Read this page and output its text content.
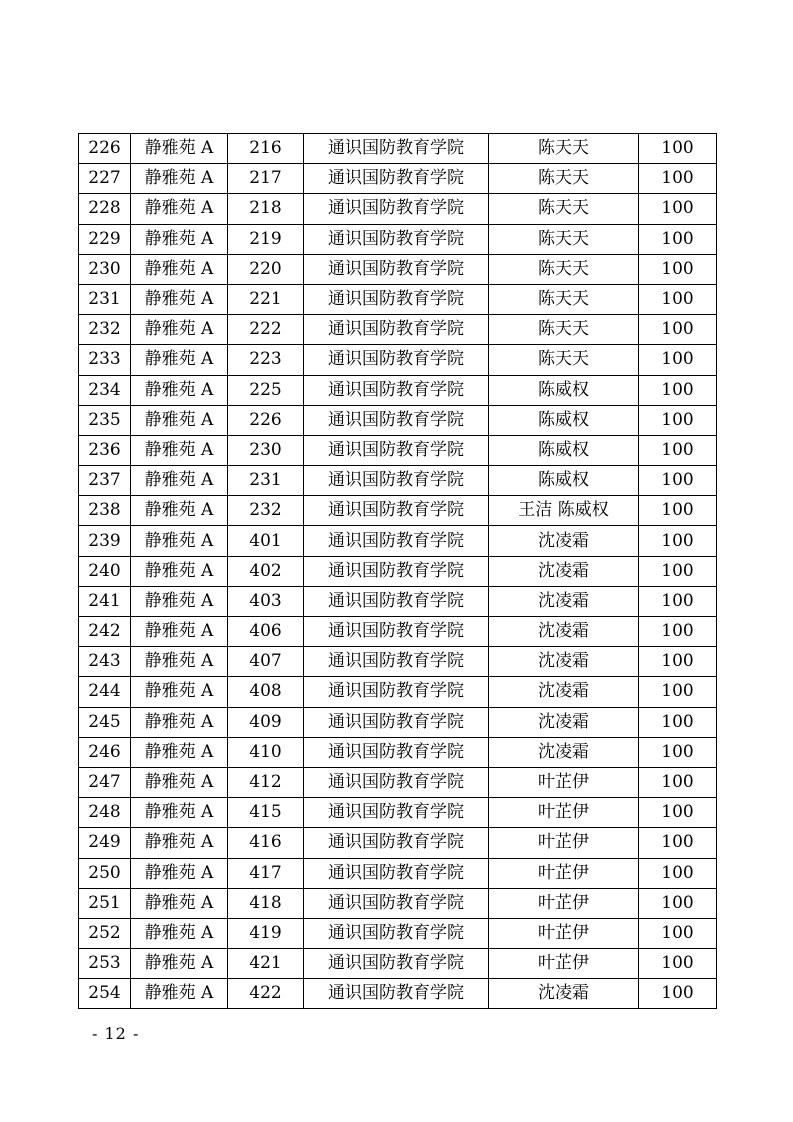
226	静雅苑 A	216	通识国防教育学院	陈天天	100
227	静雅苑 A	217	通识国防教育学院	陈天天	100
228	静雅苑 A	218	通识国防教育学院	陈天天	100
229	静雅苑 A	219	通识国防教育学院	陈天天	100
230	静雅苑 A	220	通识国防教育学院	陈天天	100
231	静雅苑 A	221	通识国防教育学院	陈天天	100
232	静雅苑 A	222	通识国防教育学院	陈天天	100
233	静雅苑 A	223	通识国防教育学院	陈天天	100
234	静雅苑 A	225	通识国防教育学院	陈威权	100
235	静雅苑 A	226	通识国防教育学院	陈威权	100
236	静雅苑 A	230	通识国防教育学院	陈威权	100
237	静雅苑 A	231	通识国防教育学院	陈威权	100
238	静雅苑 A	232	通识国防教育学院	王洁 陈威权	100
239	静雅苑 A	401	通识国防教育学院	沈凌霜	100
240	静雅苑 A	402	通识国防教育学院	沈凌霜	100
241	静雅苑 A	403	通识国防教育学院	沈凌霜	100
242	静雅苑 A	406	通识国防教育学院	沈凌霜	100
243	静雅苑 A	407	通识国防教育学院	沈凌霜	100
244	静雅苑 A	408	通识国防教育学院	沈凌霜	100
245	静雅苑 A	409	通识国防教育学院	沈凌霜	100
246	静雅苑 A	410	通识国防教育学院	沈凌霜	100
247	静雅苑 A	412	通识国防教育学院	叶芷伊	100
248	静雅苑 A	415	通识国防教育学院	叶芷伊	100
249	静雅苑 A	416	通识国防教育学院	叶芷伊	100
250	静雅苑 A	417	通识国防教育学院	叶芷伊	100
251	静雅苑 A	418	通识国防教育学院	叶芷伊	100
252	静雅苑 A	419	通识国防教育学院	叶芷伊	100
253	静雅苑 A	421	通识国防教育学院	叶芷伊	100
254	静雅苑 A	422	通识国防教育学院	沈凌霜	100
- 12 -
